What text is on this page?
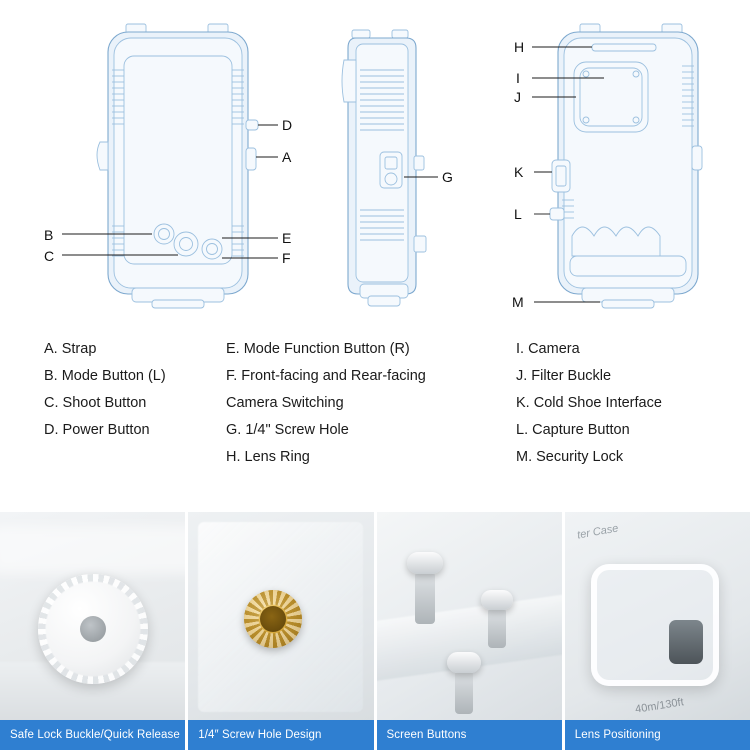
D
A
B
C
E
F
G
H
I
J
K
L
M
A. Strap
B. Mode Button (L)
C. Shoot Button
D. Power Button
E. Mode Function Button (R)
F. Front-facing and Rear-facing
Camera Switching
G. 1/4" Screw Hole
H. Lens Ring
I. Camera
J. Filter Buckle
K. Cold Shoe Interface
L. Capture Button
M. Security Lock
Safe Lock Buckle/Quick Release	1/4″ Screw Hole Design	Screen Buttons
ter Case
40m/130ft
Lens Positioning
